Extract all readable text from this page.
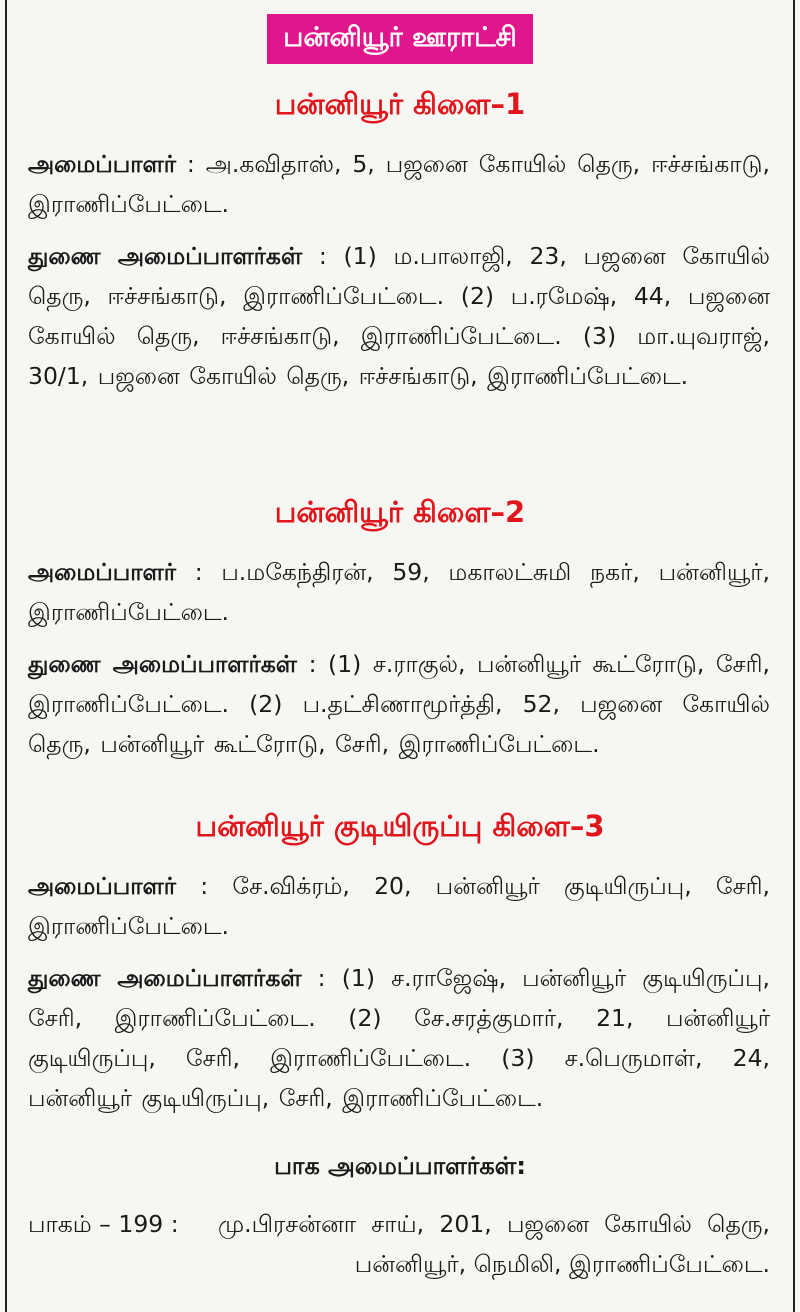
பன்னியூர் ஊராட்சி
பன்னியூர் கிளை–1
அமைப்பாளர் : அ.கவிதாஸ், 5, பஜனை கோயில் தெரு, ஈச்சங்காடு, இராணிப்பேட்டை.
துணை அமைப்பாளர்கள் : (1) ம.பாலாஜி, 23, பஜனை கோயில் தெரு, ஈச்சங்காடு, இராணிப்பேட்டை. (2) ப.ரமேஷ், 44, பஜனை கோயில் தெரு, ஈச்சங்காடு, இராணிப்பேட்டை. (3) மா.யுவராஜ், 30/1, பஜனை கோயில் தெரு, ஈச்சங்காடு, இராணிப்பேட்டை.
பன்னியூர் கிளை–2
அமைப்பாளர் : ப.மகேந்திரன், 59, மகாலட்சுமி நகர், பன்னியூர், இராணிப்பேட்டை.
துணை அமைப்பாளர்கள் : (1) ச.ராகுல், பன்னியூர் கூட்ரோடு, சேரி, இராணிப்பேட்டை. (2) ப.தட்சிணாமூர்த்தி, 52, பஜனை கோயில் தெரு, பன்னியூர் கூட்ரோடு, சேரி, இராணிப்பேட்டை.
பன்னியூர் குடியிருப்பு கிளை–3
அமைப்பாளர் : சே.விக்ரம், 20, பன்னியூர் குடியிருப்பு, சேரி, இராணிப்பேட்டை.
துணை அமைப்பாளர்கள் : (1) ச.ராஜேஷ், பன்னியூர் குடியிருப்பு, சேரி, இராணிப்பேட்டை. (2) சே.சரத்குமார், 21, பன்னியூர் குடியிருப்பு, சேரி, இராணிப்பேட்டை. (3) ச.பெருமாள், 24, பன்னியூர் குடியிருப்பு, சேரி, இராணிப்பேட்டை.
பாக அமைப்பாளர்கள்:
பாகம் – 199 :	மு.பிரசன்னா சாய், 201, பஜனை கோயில் தெரு, பன்னியூர், நெமிலி, இராணிப்பேட்டை.
